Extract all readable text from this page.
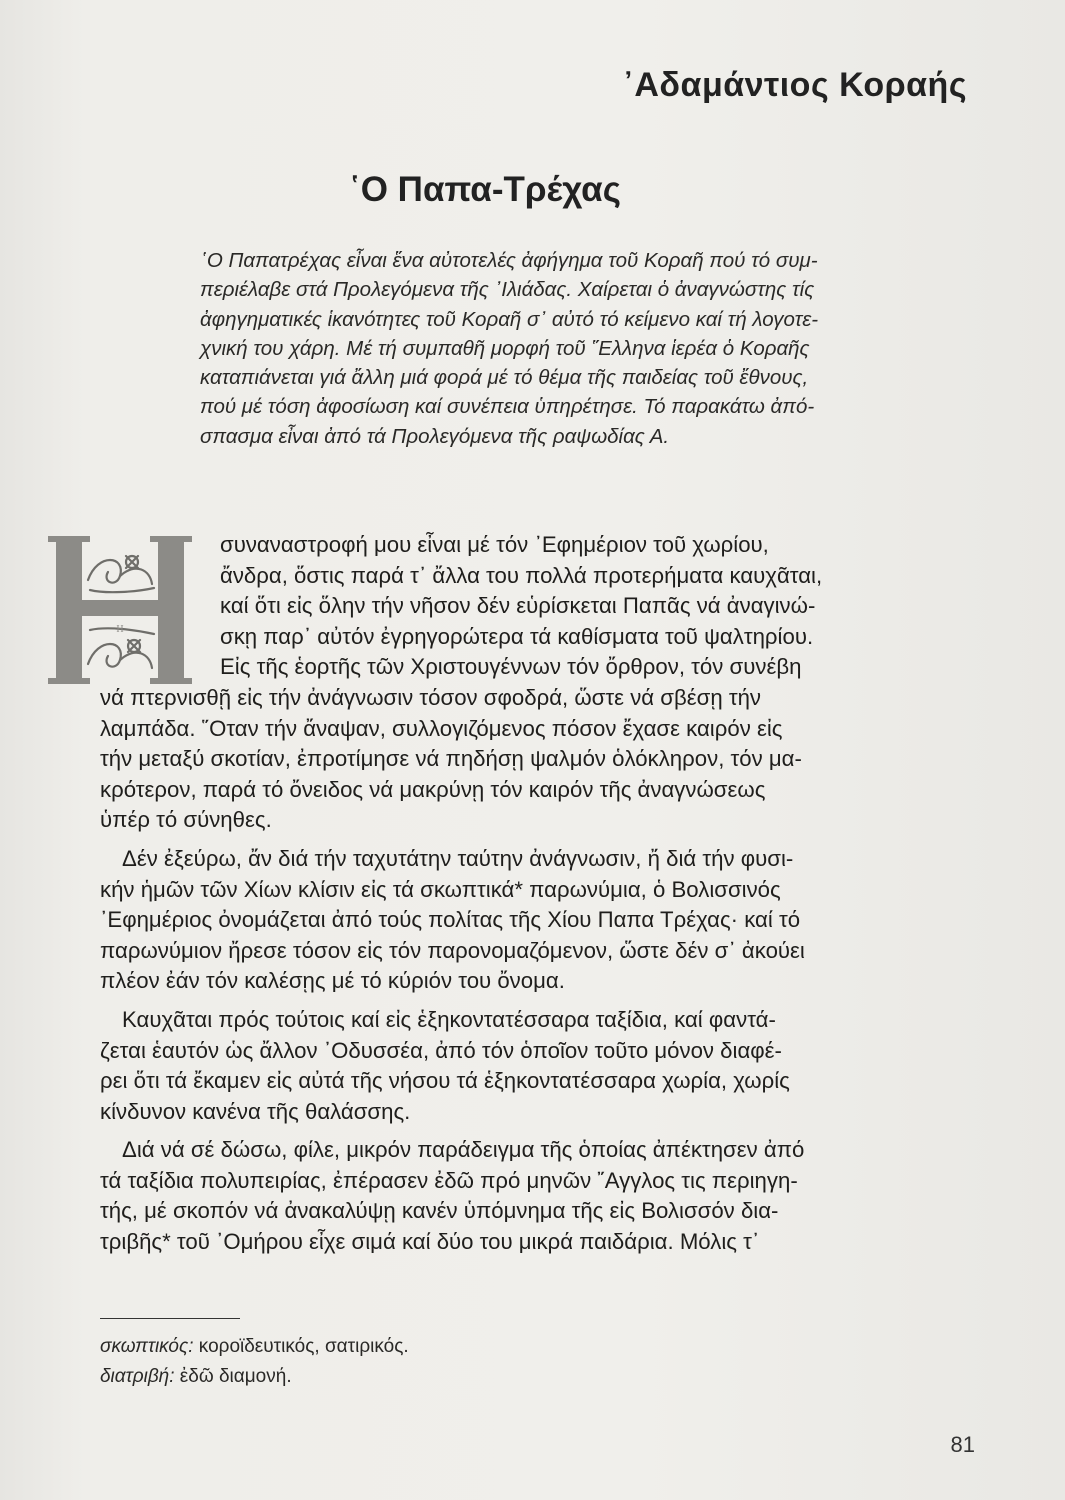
᾿Αδαμάντιος Κοραής
῾Ο Παπα-Τρέχας
῾Ο Παπατρέχας εἶναι ἕνα αὐτοτελές ἀφήγημα τοῦ Κοραῆ πού τό συμ-
περιέλαβε στά Προλεγόμενα τῆς ᾿Ιλιάδας. Χαίρεται ὁ ἀναγνώστης τίς
ἀφηγηματικές ἱκανότητες τοῦ Κοραῆ σ᾿ αὐτό τό κείμενο καί τή λογοτε-
χνική του χάρη. Μέ τή συμπαθῆ μορφή τοῦ ῞Ελληνα ἱερέα ὁ Κοραῆς
καταπιάνεται γιά ἄλλη μιά φορά μέ τό θέμα τῆς παιδείας τοῦ ἔθνους,
πού μέ τόση ἀφοσίωση καί συνέπεια ὑπηρέτησε. Τό παρακάτω ἀπό-
σπασμα εἶναι ἀπό τά Προλεγόμενα τῆς ραψωδίας Α.
Η
συναναστροφή μου εἶναι μέ τόν ᾿Εφημέριον τοῦ χωρίου,
ἄνδρα, ὅστις παρά τ᾿ ἄλλα του πολλά προτερήματα καυχᾶται,
καί ὅτι εἰς ὅλην τήν νῆσον δέν εὑρίσκεται Παπᾶς νά ἀναγινώ-
σκῃ παρ᾿ αὐτόν ἐγρηγορώτερα τά καθίσματα τοῦ ψαλτηρίου.
Εἰς τῆς ἑορτῆς τῶν Χριστουγέννων τόν ὄρθρον, τόν συνέβη
νά πτερνισθῇ εἰς τήν ἀνάγνωσιν τόσον σφοδρά, ὥστε νά σβέσῃ τήν
λαμπάδα. ῞Οταν τήν ἄναψαν, συλλογιζόμενος πόσον ἔχασε καιρόν εἰς
τήν μεταξύ σκοτίαν, ἐπροτίμησε νά πηδήσῃ ψαλμόν ὁλόκληρον, τόν μα-
κρότερον, παρά τό ὄνειδος νά μακρύνῃ τόν καιρόν τῆς ἀναγνώσεως
ὑπέρ τό σύνηθες.
Δέν ἐξεύρω, ἄν διά τήν ταχυτάτην ταύτην ἀνάγνωσιν, ἤ διά τήν φυσι-
κήν ἡμῶν τῶν Χίων κλίσιν εἰς τά σκωπτικά* παρωνύμια, ὁ Βολισσινός
᾿Εφημέριος ὀνομάζεται ἀπό τούς πολίτας τῆς Χίου Παπα Τρέχας· καί τό
παρωνύμιον ἤρεσε τόσον εἰς τόν παρονομαζόμενον, ὥστε δέν σ᾿ ἀκούει
πλέον ἐάν τόν καλέσῃς μέ τό κύριόν του ὄνομα.
Καυχᾶται πρός τούτοις καί εἰς ἑξηκοντατέσσαρα ταξίδια, καί φαντά-
ζεται ἑαυτόν ὡς ἄλλον ᾿Οδυσσέα, ἀπό τόν ὁποῖον τοῦτο μόνον διαφέ-
ρει ὅτι τά ἔκαμεν εἰς αὐτά τῆς νήσου τά ἑξηκοντατέσσαρα χωρία, χωρίς
κίνδυνον κανένα τῆς θαλάσσης.
Διά νά σέ δώσω, φίλε, μικρόν παράδειγμα τῆς ὁποίας ἀπέκτησεν ἀπό
τά ταξίδια πολυπειρίας, ἐπέρασεν ἐδῶ πρό μηνῶν ῎Αγγλος τις περιηγη-
τής, μέ σκοπόν νά ἀνακαλύψῃ κανέν ὑπόμνημα τῆς εἰς Βολισσόν δια-
τριβῆς* τοῦ ᾿Ομήρου εἶχε σιμά καί δύο του μικρά παιδάρια. Μόλις τ᾿
σκωπτικός: κοροϊδευτικός, σατιρικός.
διατριβή: ἐδῶ διαμονή.
81
